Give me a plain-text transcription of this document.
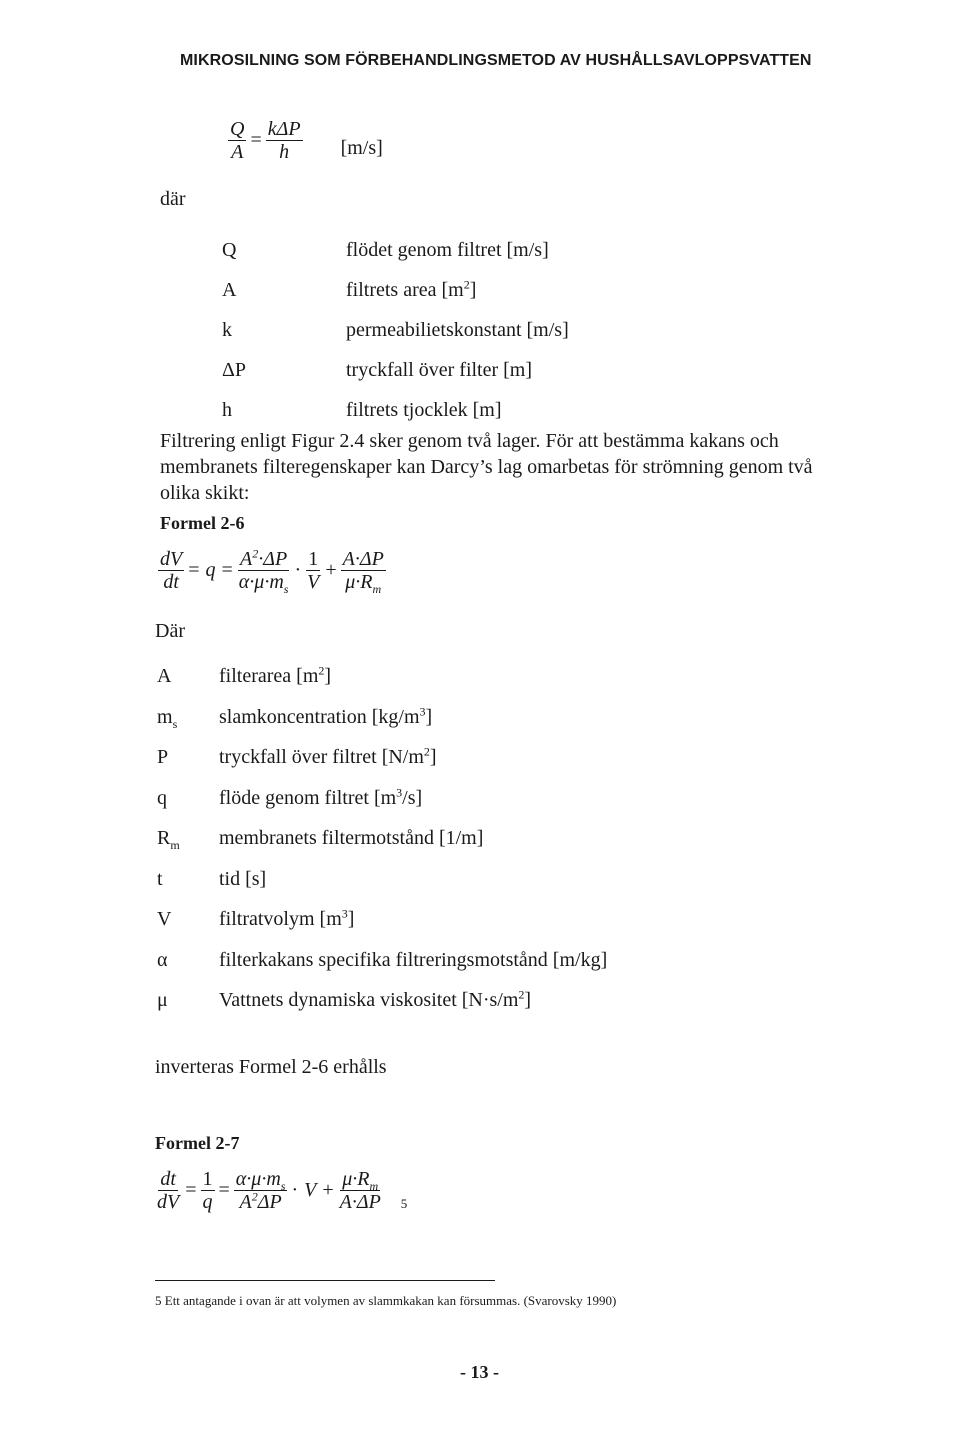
MIKROSILNING SOM FÖRBEHANDLINGSMETOD AV HUSHÅLLSAVLOPPSVATTEN
$\frac{Q}{A} = \frac{\text{kΔP}}{h} [m/s]$
där
Q	flödet genom filtret [m/s]
A	filtrets area $[m^2]$
k	permeabilietskonstant [m/s]
ΔP	tryckfall över filter [m]
h	filtrets tjocklek [m]
Filtrering enligt Figur 2.4 sker genom två lager. För att bestämma kakans och
membranets filteregenskaper kan Darcy’s lag omarbetas för strömning genom två
olika skikt:
Formel 2-6
$\frac{dV}{dt} = q = \frac{A^2\cdot\Delta P}{\alpha\cdot\mu\cdot m_s} \cdot \frac{1}{V} + \frac{A\cdot\Delta P}{\mu\cdot R_m}$
Där
A	filterarea $[m^2]$
$m_s$	slamkoncentration $[kg/m^3]$
P	tryckfall över filtret $[N/m^2]$
q	flöde genom filtret $[m^3/s]$
$R_m$	membranets filtermotstånd [1/m]
t	tid [s]
V	filtratvolym $[m^3]$
α	filterkakans specifika filtreringsmotstånd [m/kg]
μ	Vattnets dynamiska viskositet $[N\cdot s/m^2]$
inverteras Formel 2-6 erhålls
Formel 2-7
$\frac{dt}{dV} = \frac{1}{q} = \frac{\alpha\cdot\mu\cdot m_s}{A^2\Delta P} \cdot V + \frac{\mu\cdot R_m}{A\cdot\Delta P} _5$
5 Ett antagande i ovan är att volymen av slammkakan kan försummas. (Svarovsky 1990)
- 13 -
